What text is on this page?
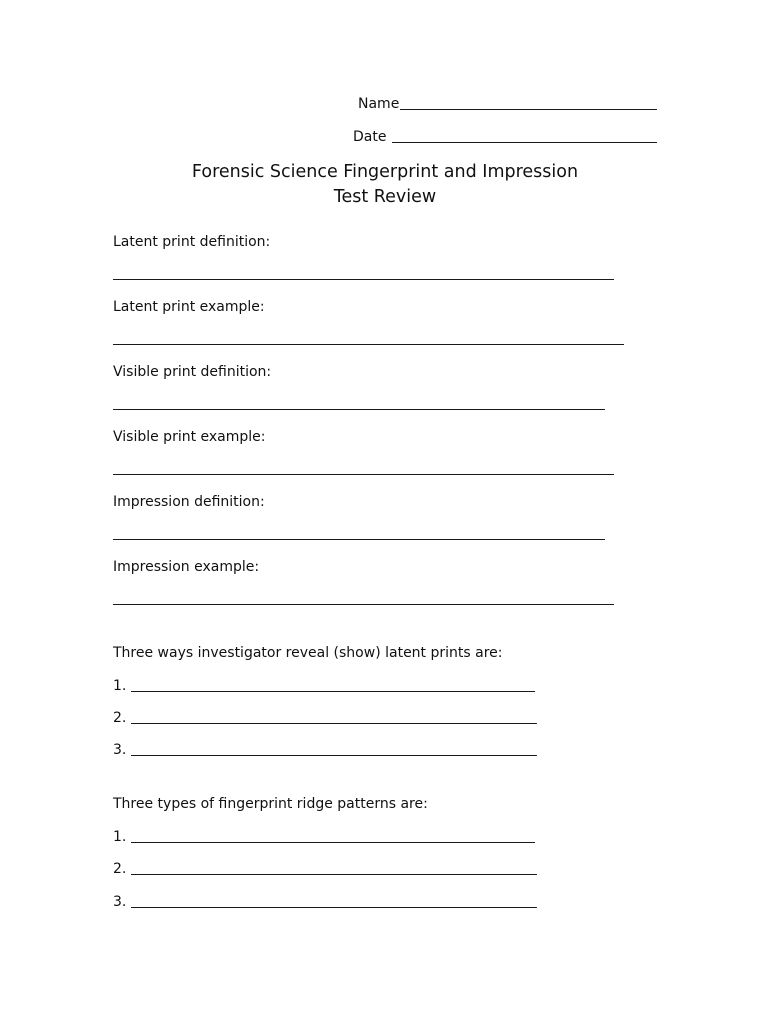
Name
Date
Forensic Science Fingerprint and Impression
Test Review
Latent print definition:
Latent print example:
Visible print definition:
Visible print example:
Impression definition:
Impression example:
Three ways investigator reveal (show) latent prints are:
1.
2.
3.
Three types of fingerprint ridge patterns are:
1.
2.
3.
